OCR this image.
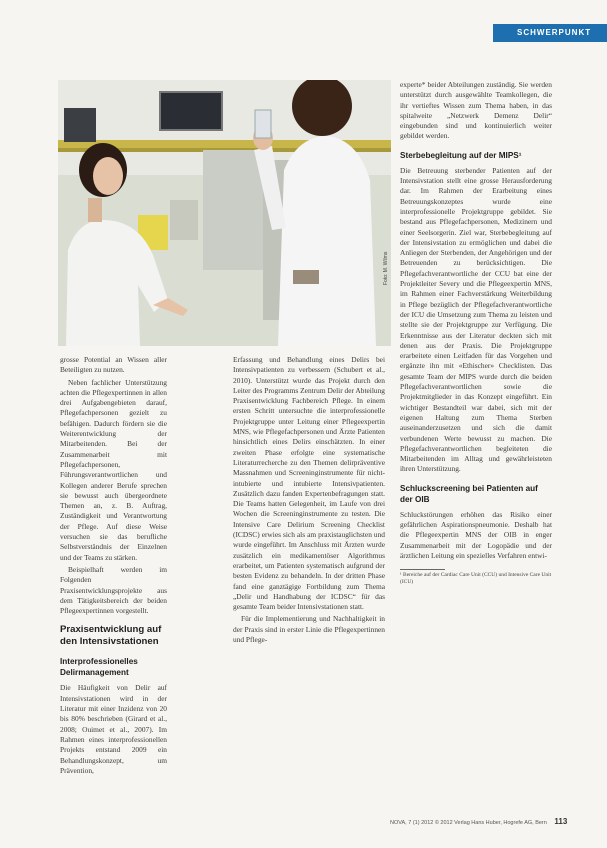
SCHWERPUNKT
Foto: M. Wilms

grosse Potential an Wissen aller Beteiligten zu nutzen.

Neben fachlicher Unterstützung achten die Pflegexpertinnen in allen drei Aufgabengebieten darauf, Pflegefachpersonen gezielt zu befähigen. Dadurch fördern sie die Weiterentwicklung der Mitarbeitenden. Bei der Zusammenarbeit mit Pflegefachpersonen, Führungsverantwortlichen und Kollegen anderer Berufe sprechen sie bewusst auch übergeordnete Themen an, z. B. Auftrag, Zuständigkeit und Verantwortung der Pflege. Auf diese Weise versuchen sie das berufliche Selbstverständnis der Einzelnen und der Teams zu stärken.

Beispielhaft werden im Folgenden Praxisentwicklungsprojekte aus dem Tätigkeitsbereich der beiden Pflegeexpertinnen vorgestellt.

Praxisentwicklung auf den Intensivstationen
Interprofessionelles Delirmanagement

Die Häufigkeit von Delir auf Intensivstationen wird in der Literatur mit einer Inzidenz von 20 bis 80% beschrieben (Girard et al., 2008; Ouimet et al., 2007). Im Rahmen eines interprofessionellen Projekts entstand 2009 ein Behandlungskonzept, um Prävention,

Erfassung und Behandlung eines Delirs bei Intensivpatienten zu verbessern (Schubert et al., 2010). Unterstützt wurde das Projekt durch den Leiter des Programms Zentrum Delir der Abteilung Praxisentwicklung Fachbereich Pflege. In einem ersten Schritt untersuchte die interprofessionelle Projektgruppe unter Leitung einer Pflegeexpertin MNS, wie Pflegefachpersonen und Ärzte Patienten hinsichtlich eines Delirs einschätzten. In einer zweiten Phase erfolgte eine systematische Literaturrecherche zu den Themen delirpräventive Massnahmen und Screeninginstrumente für nicht-intubierte und intubierte Intensivpatienten. Zusätzlich dazu fanden Expertenbefragungen statt. Die Teams hatten Gelegenheit, im Laufe von drei Wochen die Screeninginstrumente zu testen. Die Intensive Care Delirium Screening Checklist (ICDSC) erwies sich als am praxistauglichsten und wurde eingeführt. Im Anschluss mit Ärzten wurde zusätzlich ein medikamentöser Algorithmus erarbeitet, um Patienten systematisch aufgrund der besten Evidenz zu behandeln. In der dritten Phase fand eine ganztägige Fortbildung zum Thema „Delir und Handhabung der ICDSC“ für das gesamte Team beider Intensivstationen statt.

Für die Implementierung und Nachhaltigkeit in der Praxis sind in erster Linie die Pflegexpertinnen und Pflege-

experte* beider Abteilungen zuständig. Sie werden unterstützt durch ausgewählte Teamkollegen, die ihr vertieftes Wissen zum Thema haben, in das spitalweite „Netzwerk Demenz Delir“ eingebunden sind und kontinuierlich weiter gebildet werden.

Sterbebegleitung auf der MIPS¹

Die Betreuung sterbender Patienten auf der Intensivstation stellt eine grosse Herausforderung dar. Im Rahmen der Erarbeitung eines Betreuungskonzeptes wurde eine interprofessionelle Projektgruppe gebildet. Sie bestand aus Pflegefachpersonen, Medizinern und einer Seelsorgerin. Ziel war, Sterbebegleitung auf der Intensivstation zu ermöglichen und dabei die Anliegen der Sterbenden, der Angehörigen und der Betreuenden zu berücksichtigen. Die Pflegefachverantwortliche der CCU bat eine der Projektleiter Severy und die Pflegeexpertin MNS, im Rahmen einer Fachverstärkung Weiterbildung in Pflege bezüglich der Pflegefachverantwortliche der ICU die Umsetzung zum Thema zu leisten und stellte sie der Projektgruppe zur Verfügung. Die Erkenntnisse aus der Literatur deckten sich mit denen aus der Praxis. Die Projektgruppe erarbeitete einen Leitfaden für das Vorgehen und ergänzte ihn mit «Ethischer» Checklisten. Das gesamte Team der MIPS wurde durch die beiden Pflegefachverantwortlichen sowie die Projektmitglieder in das Konzept eingeführt. Ein wichtiger Bestandteil war dabei, sich mit der eigenen Haltung zum Thema Sterben auseinanderzusetzen und sich die damit verbundenen Werte bewusst zu machen. Die Pflegefachverantwortlichen begleiteten die Mitarbeitenden im Alltag und gewährleisteten ihren Unterstützung.

Schluckscreening bei Patienten auf der OIB

Schluckstörungen erhöhen das Risiko einer gefährlichen Aspirationspneumonie. Deshalb hat die Pflegeexpertin MNS der OIB in enger Zusammenarbeit mit der Logopädie und der ärztlichen Leitung ein spezielles Verfahren entwi-

¹ Bereiche auf der Cardiac Care Unit (CCU) und Intensive Care Unit (ICU)
NOVA, 7 (1) 2012 © 2012 Verlag Hans Huber, Hogrefe AG, Bern 113
